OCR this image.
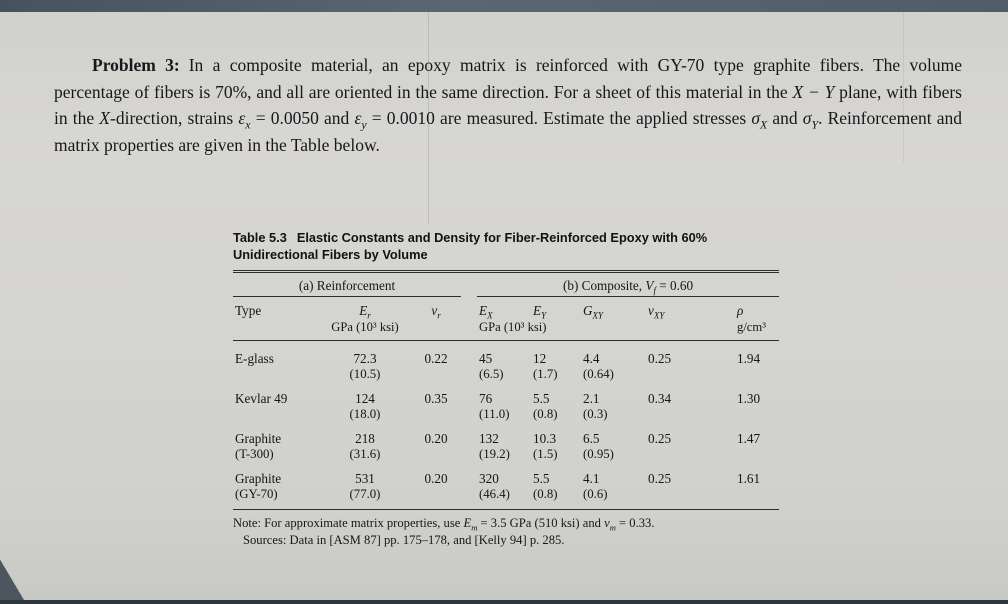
Problem 3: In a composite material, an epoxy matrix is reinforced with GY-70 type graphite fibers. The volume percentage of fibers is 70%, and all are oriented in the same direction. For a sheet of this material in the X − Y plane, with fibers in the X-direction, strains $\varepsilon_x = 0.0050$ and $\varepsilon_y = 0.0010$ are measured. Estimate the applied stresses $\sigma_X$ and $\sigma_Y$. Reinforcement and matrix properties are given in the Table below.
Table 5.3 Elastic Constants and Density for Fiber-Reinforced Epoxy with 60% Unidirectional Fibers by Volume
(a) Reinforcement				(b) Composite, $V_f = 0.60$				
Type	$E_r$	$\nu_r$		$E_X$	$E_Y$	$G_{XY}$	$\nu_{XY}$	ρ
	GPa (10³ ksi)			GPa (10³ ksi)				g/cm³

E-glass	72.3	0.22		45	12	4.4	0.25	1.94
	(10.5)			(6.5)	(1.7)	(0.64)		
Kevlar 49	124	0.35		76	5.5	2.1	0.34	1.30
	(18.0)			(11.0)	(0.8)	(0.3)		
Graphite	218	0.20		132	10.3	6.5	0.25	1.47
(T-300)	(31.6)			(19.2)	(1.5)	(0.95)		
Graphite	531	0.20		320	5.5	4.1	0.25	1.61
(GY-70)	(77.0)			(46.4)	(0.8)	(0.6)		

Note: For approximate matrix properties, use $E_m = 3.5$ GPa (510 ksi) and $\nu_m = 0.33$.
Sources: Data in [ASM 87] pp. 175–178, and [Kelly 94] p. 285.
